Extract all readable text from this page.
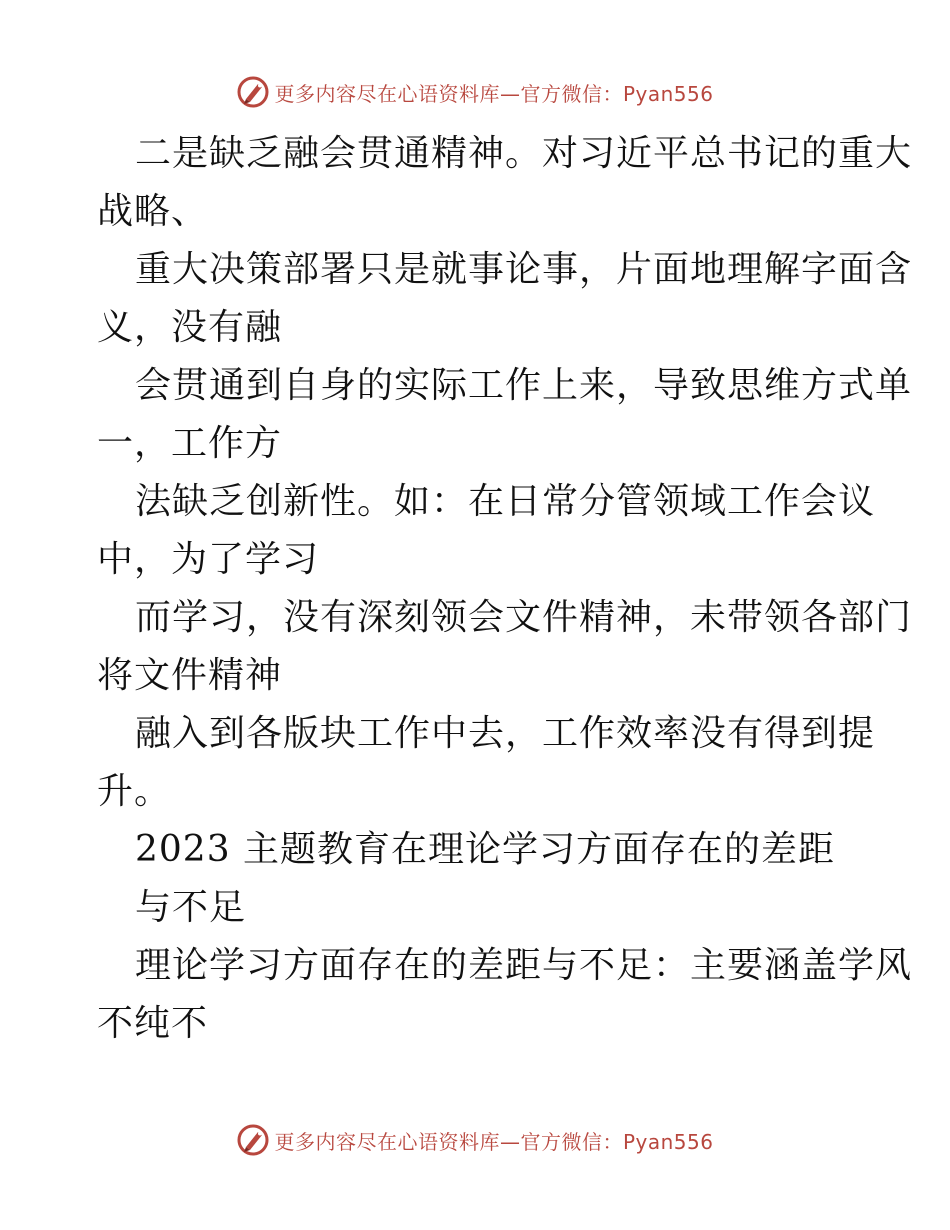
更多内容尽在心语资料库—官方微信：Pyan556
二是缺乏融会贯通精神。对习近平总书记的重大
战略、
重大决策部署只是就事论事，片面地理解字面含
义，没有融
会贯通到自身的实际工作上来，导致思维方式单
一，工作方
法缺乏创新性。如：在日常分管领域工作会议
中，为了学习
而学习，没有深刻领会文件精神，未带领各部门
将文件精神
融入到各版块工作中去，工作效率没有得到提
升。
2023 主题教育在理论学习方面存在的差距
与不足
理论学习方面存在的差距与不足：主要涵盖学风
不纯不
更多内容尽在心语资料库—官方微信：Pyan556
